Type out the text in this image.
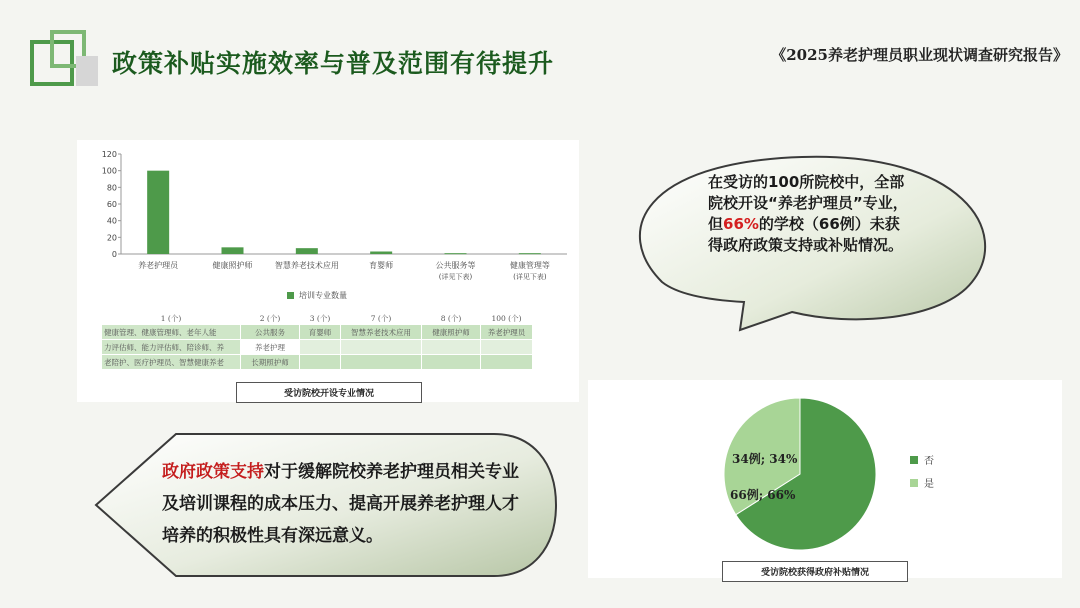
政策补贴实施效率与普及范围有待提升	《2025养老护理员职业现状调查研究报告》
0
20
40
60
80
100
120
养老护理员	健康照护师	智慧养老技术应用	育婴师	公共服务等
(详见下表)
健康管理等
(详见下表)
培训专业数量
1 (个)	2 (个)	3 (个)	7 (个)	8 (个)	100 (个)
健康管理、健康管理师、老年人能	公共服务	育婴师	智慧养老技术应用	健康照护师	养老护理员
力评估师、能力评估师、陪诊师、养	养老护理				
老陪护、医疗护理员、智慧健康养老	长期照护师				
受访院校开设专业情况
在受访的100所院校中，全部院校开设“养老护理员”专业，但66%的学校（66例）未获得政府政策支持或补贴情况。
政府政策支持对于缓解院校养老护理员相关专业及培训课程的成本压力、提高开展养老护理人才培养的积极性具有深远意义。
66例; 66%
34例; 34%	否
是
受访院校获得政府补贴情况
